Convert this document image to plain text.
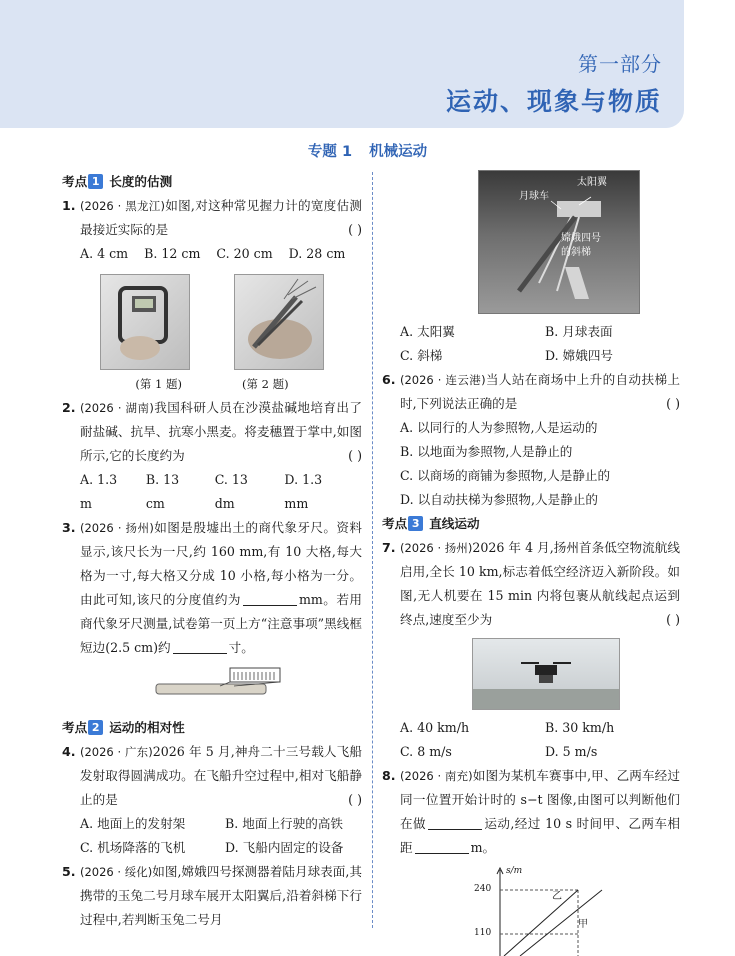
第一部分
运动、现象与物质
专题 1 机械运动
考点 1 长度的估测
1. (2026 · 黑龙江)如图,对这种常见握力计的宽度估测最接近实际的是	( )
A. 4 cm B. 12 cm C. 20 cm D. 28 cm
(第 1 题)	(第 2 题)
2. (2026 · 湖南)我国科研人员在沙漠盐碱地培育出了耐盐碱、抗旱、抗寒小黑麦。将麦穗置于掌中,如图所示,它的长度约为	( )
A. 1.3 m
B. 13 cm
C. 13 dm
D. 1.3 mm
3. (2026 · 扬州)如图是殷墟出土的商代象牙尺。资料显示,该尺长为一尺,约 160 mm,有 10 大格,每大格为一寸,每大格又分成 10 小格,每小格为一分。由此可知,该尺的分度值约为	mm。若用商代象牙尺测量,试卷第一页上方“注意事项”黑线框短边(2.5 cm)约	寸。
考点 2 运动的相对性
4. (2026 · 广东)2026 年 5 月,神舟二十三号载人飞船发射取得圆满成功。在飞船升空过程中,相对飞船静止的是	( )
A. 地面上的发射架	B. 地面上行驶的高铁
C. 机场降落的飞机	D. 飞船内固定的设备
5. (2026 · 绥化)如图,嫦娥四号探测器着陆月球表面,其携带的玉兔二号月球车展开太阳翼后,沿着斜梯下行过程中,若判断玉兔二号月
太阳翼
月球车
嫦娥四号
的斜梯
A. 太阳翼	B. 月球表面
C. 斜梯	D. 嫦娥四号
6. (2026 · 连云港)当人站在商场中上升的自动扶梯上时,下列说法正确的是	( )
A. 以同行的人为参照物,人是运动的
B. 以地面为参照物,人是静止的
C. 以商场的商铺为参照物,人是静止的
D. 以自动扶梯为参照物,人是静止的
考点 3 直线运动
7. (2026 · 扬州)2026 年 4 月,扬州首条低空物流航线启用,全长 10 km,标志着低空经济迈入新阶段。如图,无人机要在 15 min 内将包裹从航线起点运到终点,速度至少为	( )
A. 40 km/h	B. 30 km/h
C. 8 m/s	D. 5 m/s
8. (2026 · 南充)如图为某机车赛事中,甲、乙两车经过同一位置开始计时的 s−t 图像,由图可以判断他们在做	运动,经过 10 s 时间甲、乙两车相距	m。
s/m
240
110
乙
甲
